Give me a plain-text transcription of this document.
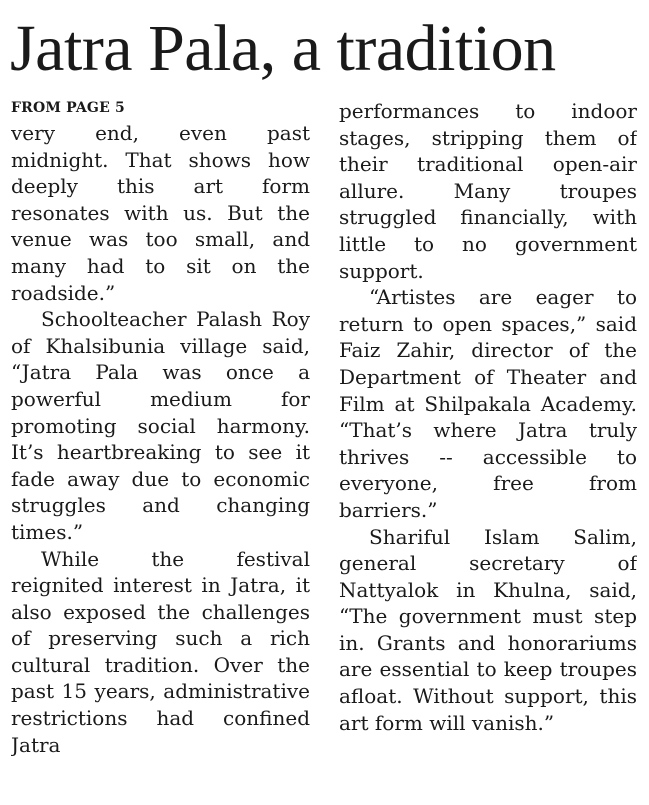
Jatra Pala, a tradition
FROM PAGE 5

very end, even past midnight. That shows how deeply this art form resonates with us. But the venue was too small, and many had to sit on the roadside.”

Schoolteacher Palash Roy of Khalsibunia village said, “Jatra Pala was once a powerful medium for promoting social harmony. It’s heartbreaking to see it fade away due to economic struggles and changing times.”

While the festival reignited interest in Jatra, it also exposed the challenges of preserving such a rich cultural tradition. Over the past 15 years, administrative restrictions had confined Jatra

performances to indoor stages, stripping them of their traditional open-air allure. Many troupes struggled financially, with little to no government support.

“Artistes are eager to return to open spaces,” said Faiz Zahir, director of the Department of Theater and Film at Shilpakala Academy. “That’s where Jatra truly thrives -- accessible to everyone, free from barriers.”

Shariful Islam Salim, general secretary of Nattyalok in Khulna, said, “The government must step in. Grants and honorariums are essential to keep troupes afloat. Without support, this art form will vanish.”
